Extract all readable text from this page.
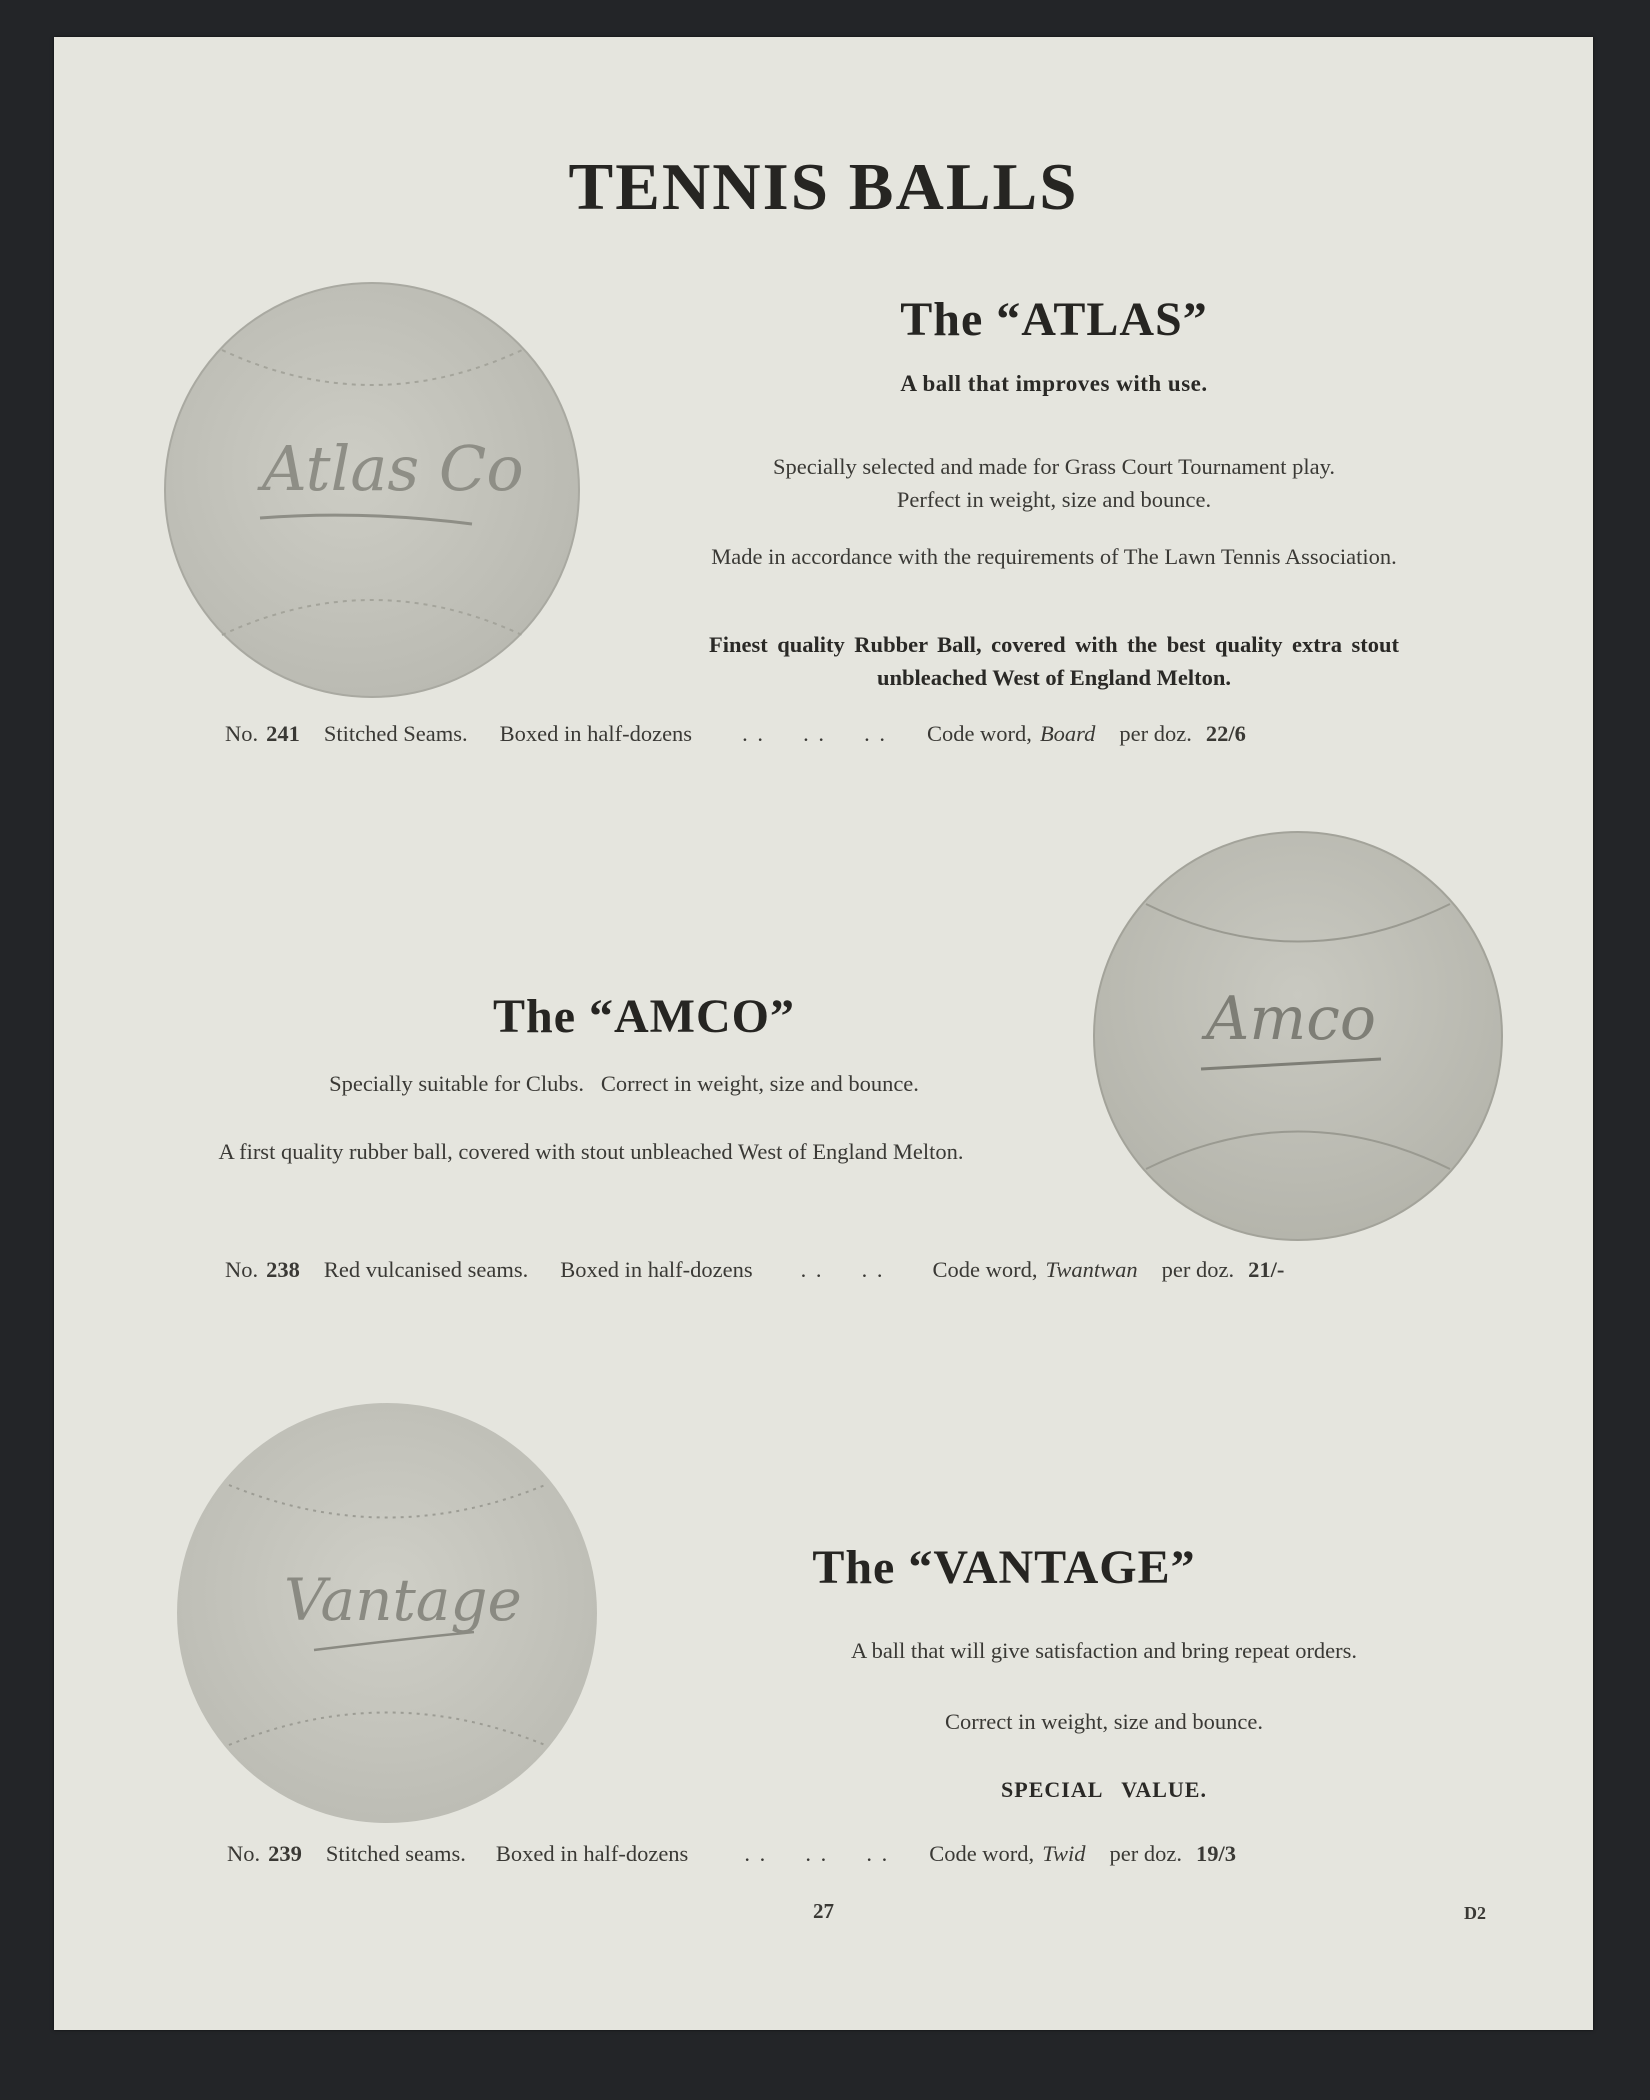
TENNIS BALLS
Atlas Co
The “ATLAS”
A ball that improves with use.
Specially selected and made for Grass Court Tournament play.
Perfect in weight, size and bounce.
Made in accordance with the requirements of The Lawn Tennis Association.
Finest quality Rubber Ball, covered with the best quality extra stout unbleached West of England Melton.
No. 241 Stitched Seams. Boxed in half-dozens . .     . .     . . Code word, Board per doz. 22/6
The “AMCO”
Specially suitable for Clubs.   Correct in weight, size and bounce.
A first quality rubber ball, covered with stout unbleached West of England Melton.
Amco
No. 238 Red vulcanised seams. Boxed in half-dozens . .     . . Code word, Twantwan per doz. 21/-
Vantage	The “VANTAGE”
A ball that will give satisfaction and bring repeat orders.
Correct in weight, size and bounce.
SPECIAL   VALUE.
No. 239 Stitched seams. Boxed in half-dozens . .     . .     . . Code word, Twid per doz. 19/3
27	D2
